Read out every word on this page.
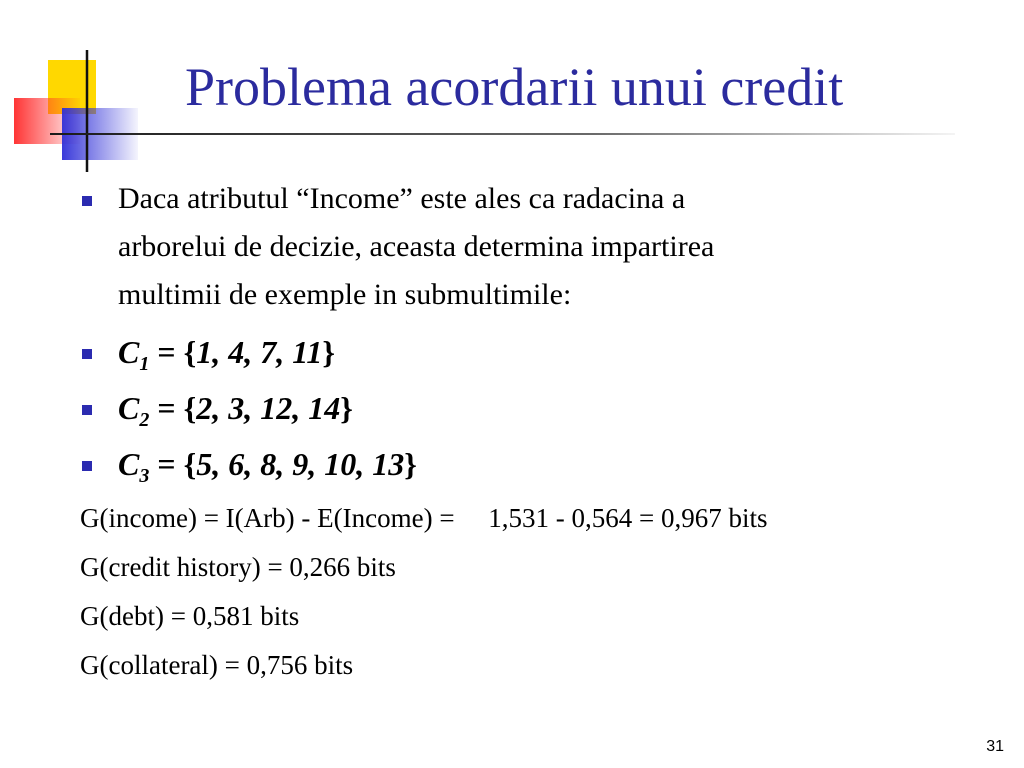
Problema acordarii unui credit
Daca atributul “Income” este ales ca radacina a
arborelui de decizie, aceasta determina impartirea
multimii de exemple in submultimile:
$C_1 = \{1$, 4, 7, 11}
$C_2 = \{2$, 3, 12, 14}
$C_3 = \{5$, 6, 8, 9, 10, 13}
G(income) = I(Arb) - E(Income) =     1,531 - 0,564 = 0,967 bits
G(credit history) = 0,266 bits
G(debt) = 0,581 bits
G(collateral) = 0,756 bits
31
